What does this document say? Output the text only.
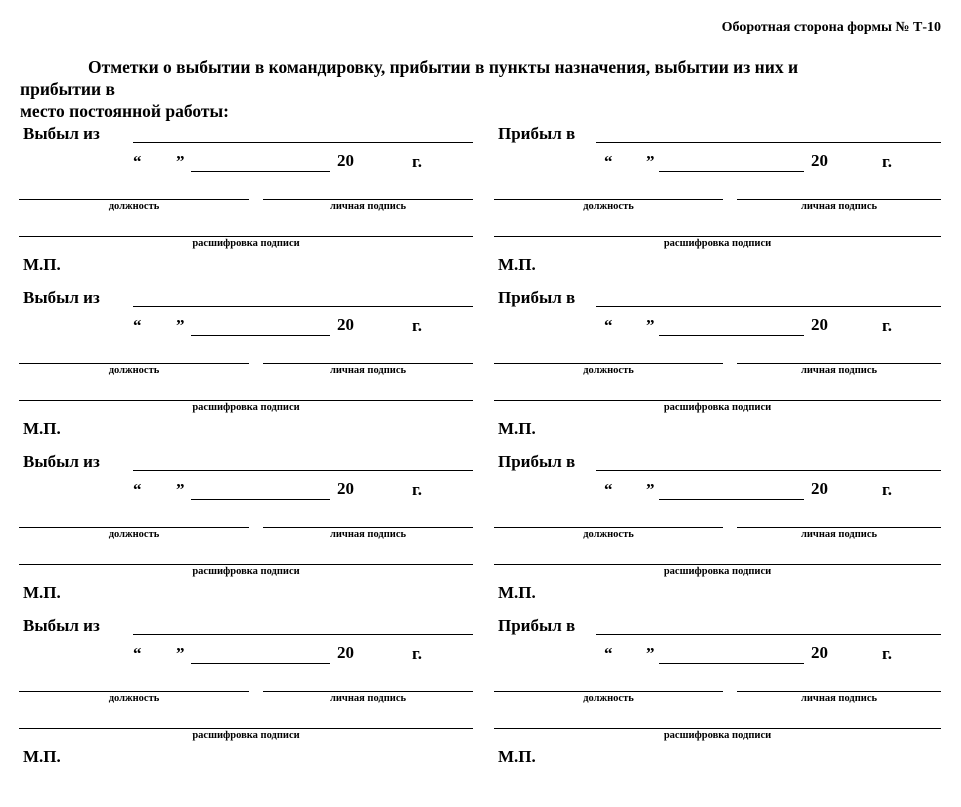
Оборотная сторона формы № Т-10
Отметки о выбытии в командировку, прибытии в пункты назначения, выбытии из них и
прибытии в
место постоянной работы:
Выбыл из
“ ”	20	г.
должность	личная подпись
расшифровка подписи
М.П.
Прибыл в
“ ”	20	г.
должность	личная подпись
расшифровка подписи
М.П.
Выбыл из
“ ”	20	г.
должность	личная подпись
расшифровка подписи
М.П.
Прибыл в
“ ”	20	г.
должность	личная подпись
расшифровка подписи
М.П.
Выбыл из
“ ”	20	г.
должность	личная подпись
расшифровка подписи
М.П.
Прибыл в
“ ”	20	г.
должность	личная подпись
расшифровка подписи
М.П.
Выбыл из
“ ”	20	г.
должность	личная подпись
расшифровка подписи
М.П.
Прибыл в
“ ”	20	г.
должность	личная подпись
расшифровка подписи
М.П.
